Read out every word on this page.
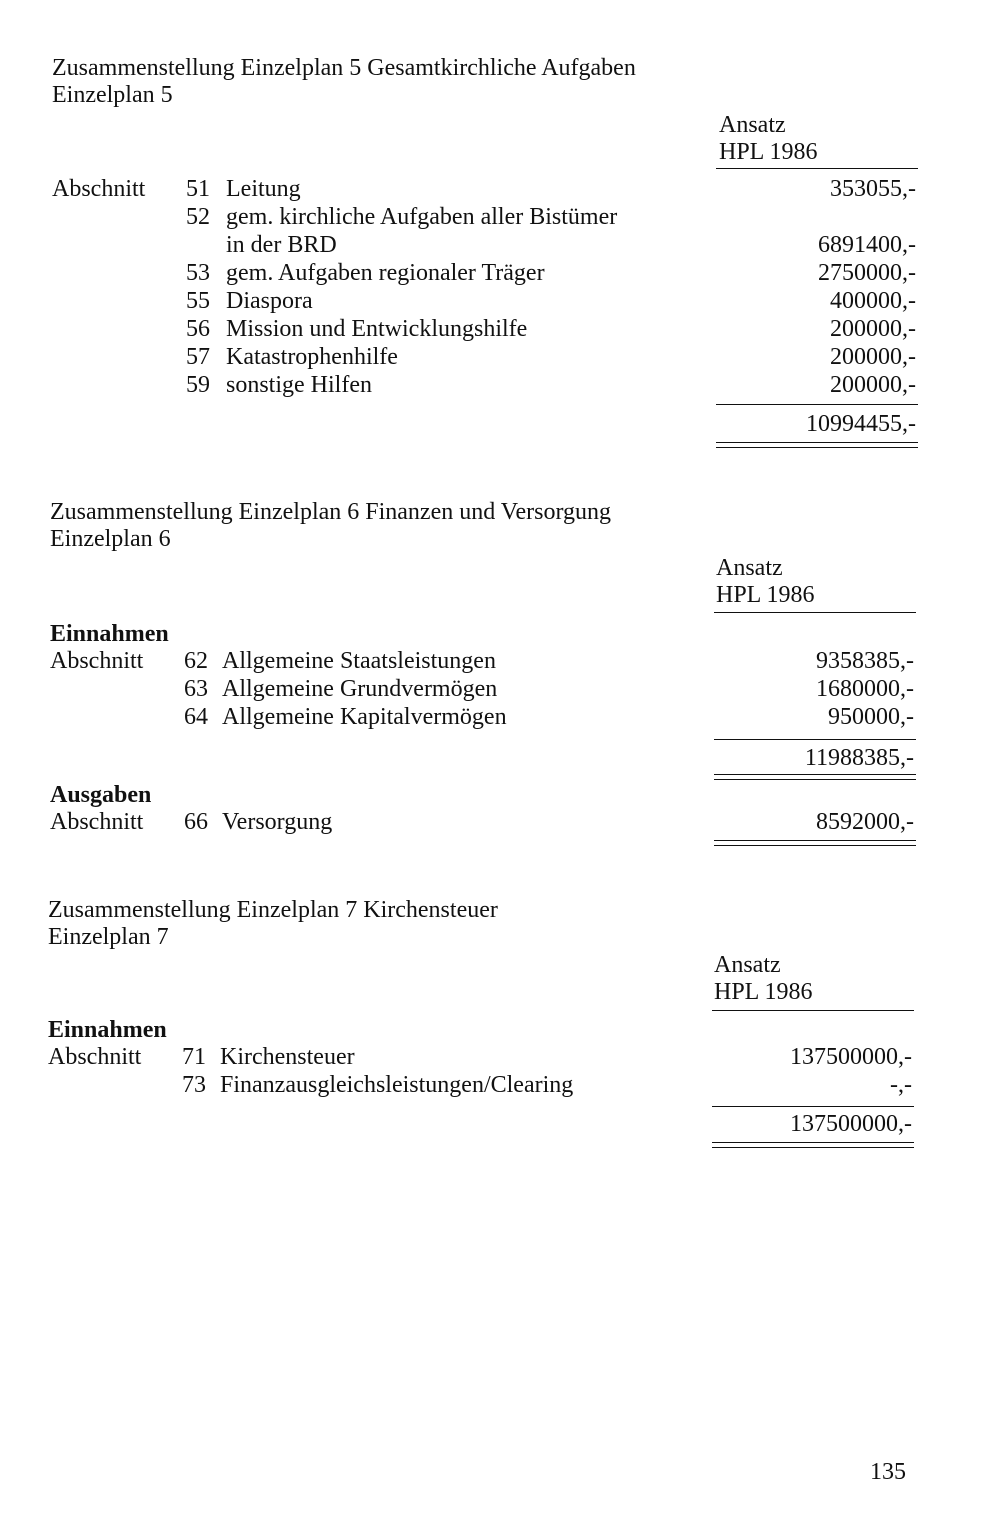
Zusammenstellung Einzelplan 5 Gesamtkirchliche Aufgaben
Einzelplan 5
Ansatz
HPL 1986
Abschnitt 51 Leitung	353055,-
52 gem. kirchliche Aufgaben aller Bistümer
in der BRD	6891400,-
53 gem. Aufgaben regionaler Träger	2750000,-
55 Diaspora	400000,-
56 Mission und Entwicklungshilfe	200000,-
57 Katastrophenhilfe	200000,-
59 sonstige Hilfen	200000,-
10994455,-
Zusammenstellung Einzelplan 6 Finanzen und Versorgung
Einzelplan 6
Ansatz
HPL 1986
Einnahmen
Abschnitt 62 Allgemeine Staatsleistungen	9358385,-
63 Allgemeine Grundvermögen	1680000,-
64 Allgemeine Kapitalvermögen	950000,-
11988385,-
Ausgaben
Abschnitt 66 Versorgung	8592000,-
Zusammenstellung Einzelplan 7 Kirchensteuer
Einzelplan 7
Ansatz
HPL 1986
Einnahmen
Abschnitt 71 Kirchensteuer	137500000,-
73 Finanzausgleichsleistungen/Clearing	-,-
137500000,-
135
